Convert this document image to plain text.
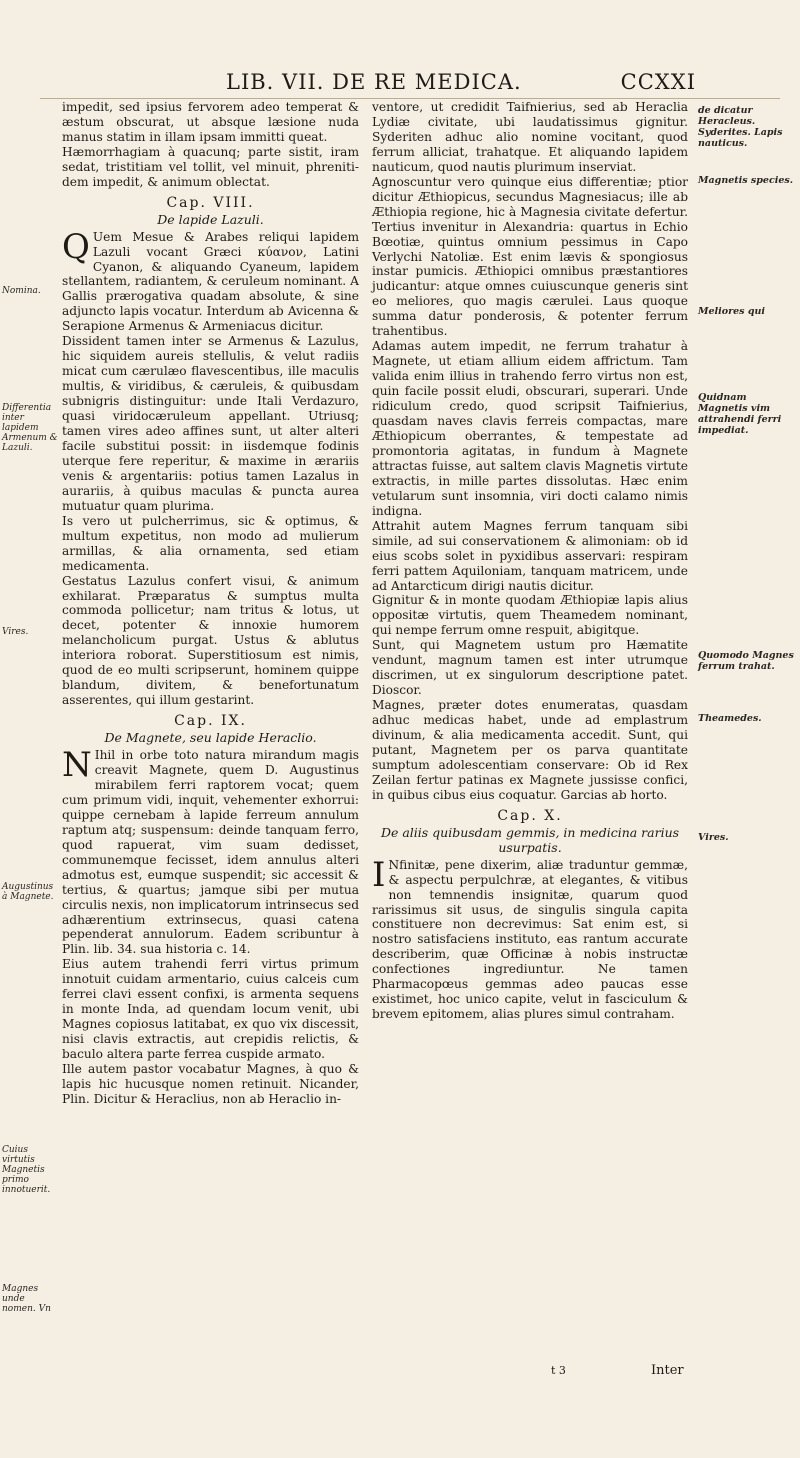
LIB. VII. DE RE MEDICA.	CCXXI

impedit, sed ipsius fervorem adeo temperat & æstum obscurat, ut absque læsione nuda manus statim in illam ipsam immitti queat.

Hæmorrhagiam à quacunq; parte sistit, iram sedat, tristitiam vel tollit, vel minuit, phreniti-dem impedit, & animum oblectat.

Cap. VIII.
De lapide Lazuli.

Q Uem Mesue & Arabes reliqui lapidem Lazuli vocant Græci κύανον, Latini Cyanon, & aliquando Cyaneum, lapidem stellantem, radiantem, & ceruleum nominant. A Gallis prærogativa quadam absolute, & sine adjuncto lapis vocatur. Interdum ab Avicenna & Serapione Armenus & Armeniacus dicitur.

Dissident tamen inter se Armenus & Lazulus, hic siquidem aureis stellulis, & velut radiis micat cum cærulæo flavescentibus, ille maculis multis, & viridibus, & cæruleis, & quibusdam subnigris distinguitur: unde Itali Verdazuro, quasi viridocæruleum appellant. Utriusq; tamen vires adeo affines sunt, ut alter alteri facile substitui possit: in iisdemque fodinis uterque fere reperitur, & maxime in ærariis venis & argentariis: potius tamen Lazalus in aurariis, à quibus maculas & puncta aurea mutuatur quam plurima.

Is vero ut pulcherrimus, sic & optimus, & multum expetitus, non modo ad mulierum armillas, & alia ornamenta, sed etiam medicamenta.

Gestatus Lazulus confert visui, & animum exhilarat. Præparatus & sumptus multa commoda pollicetur; nam tritus & lotus, ut decet, potenter & innoxie humorem melancholicum purgat. Ustus & ablutus interiora roborat. Superstitiosum est nimis, quod de eo multi scripserunt, hominem quippe blandum, divitem, & benefortunatum asserentes, qui illum gestarint.

Cap. IX.
De Magnete, seu lapide Heraclio.

N Ihil in orbe toto natura mirandum magis creavit Magnete, quem D. Augustinus mirabilem ferri raptorem vocat; quem cum primum vidi, inquit, vehementer exhorrui: quippe cernebam à lapide ferreum annulum raptum atq; suspensum: deinde tanquam ferro, quod rapuerat, vim suam dedisset, communemque fecisset, idem annulus alteri admotus est, eumque suspendit; sic accessit & tertius, & quartus; jamque sibi per mutua circulis nexis, non implicatorum intrinsecus sed adhærentium extrinsecus, quasi catena pependerat annulorum. Eadem scribuntur à Plin. lib. 34. sua historia c. 14.

Eius autem trahendi ferri virtus primum innotuit cuidam armentario, cuius calceis cum ferrei clavi essent confixi, is armenta sequens in monte Inda, ad quendam locum venit, ubi Magnes copiosus latitabat, ex quo vix discessit, nisi clavis extractis, aut crepidis relictis, & baculo altera parte ferrea cuspide armato.

Ille autem pastor vocabatur Magnes, à quo & lapis hic hucusque nomen retinuit. Nicander, Plin. Dicitur & Heraclius, non ab Heraclio in-

ventore, ut credidit Taifnierius, sed ab Heraclia Lydiæ civitate, ubi laudatissimus gignitur. Syderiten adhuc alio nomine vocitant, quod ferrum alliciat, trahatque. Et aliquando lapidem nauticum, quod nautis plurimum inserviat.

Agnoscuntur vero quinque eius differentiæ; ptior dicitur Æthiopicus, secundus Magnesiacus; ille ab Æthiopia regione, hic à Magnesia civitate defertur. Tertius invenitur in Alexandria: quartus in Echio Bœotiæ, quintus omnium pessimus in Capo Verlychi Natoliæ. Est enim lævis & spongiosus instar pumicis. Æthiopici omnibus præstantiores judicantur: atque omnes cuiuscunque generis sint eo meliores, quo magis cærulei. Laus quoque summa datur ponderosis, & potenter ferrum trahentibus.

Adamas autem impedit, ne ferrum trahatur à Magnete, ut etiam allium eidem affrictum. Tam valida enim illius in trahendo ferro virtus non est, quin facile possit eludi, obscurari, superari. Unde ridiculum credo, quod scripsit Taifnierius, quasdam naves clavis ferreis compactas, mare Æthiopicum oberrantes, & tempestate ad promontoria agitatas, in fundum à Magnete attractas fuisse, aut saltem clavis Magnetis virtute extractis, in mille partes dissolutas. Hæc enim vetularum sunt insomnia, viri docti calamo nimis indigna.

Attrahit autem Magnes ferrum tanquam sibi simile, ad sui conservationem & alimoniam: ob id eius scobs solet in pyxidibus asservari: respiram ferri pattem Aquiloniam, tanquam matricem, unde ad Antarcticum dirigi nautis dicitur.

Gignitur & in monte quodam Æthiopiæ lapis alius oppositæ virtutis, quem Theamedem nominant, qui nempe ferrum omne respuit, abigitque.

Sunt, qui Magnetem ustum pro Hæmatite vendunt, magnum tamen est inter utrumque discrimen, ut ex singulorum descriptione patet. Dioscor.

Magnes, præter dotes enumeratas, quasdam adhuc medicas habet, unde ad emplastrum divinum, & alia medicamenta accedit. Sunt, qui putant, Magnetem per os parva quantitate sumptum adolescentiam conservare: Ob id Rex Zeilan fertur patinas ex Magnete jussisse confici, in quibus cibus eius coquatur. Garcias ab horto.

Cap. X.
De aliis quibusdam gemmis, in medicina rarius usurpatis.

I Nfinitæ, pene dixerim, aliæ traduntur gemmæ, & aspectu perpulchræ, at elegantes, & vitibus non temnendis insignitæ, quarum quod rarissimus sit usus, de singulis singula capita constituere non decrevimus: Sat enim est, si nostro satisfaciens instituto, eas rantum accurate describerim, quæ Officinæ à nobis instructæ confectiones ingrediuntur. Ne tamen Pharmacopœus gemmas adeo paucas esse existimet, hoc unico capite, velut in fasciculum & brevem epitomem, alias plures simul contraham.

Nomina.
Differentia inter lapidem Armenum & Lazuli.
Vires.
Augustinus à Magnete.
Cuius virtutis Magnetis primo innotuerit.
Magnes unde nomen. Vn
de dicatur Heracleus. Syderites. Lapis nauticus.
Magnetis species.
Meliores qui
Quidnam Magnetis vim attrahendi ferri impediat.
Quomodo Magnes ferrum trahat.
Theamedes.
Vires.
t 3	Inter
